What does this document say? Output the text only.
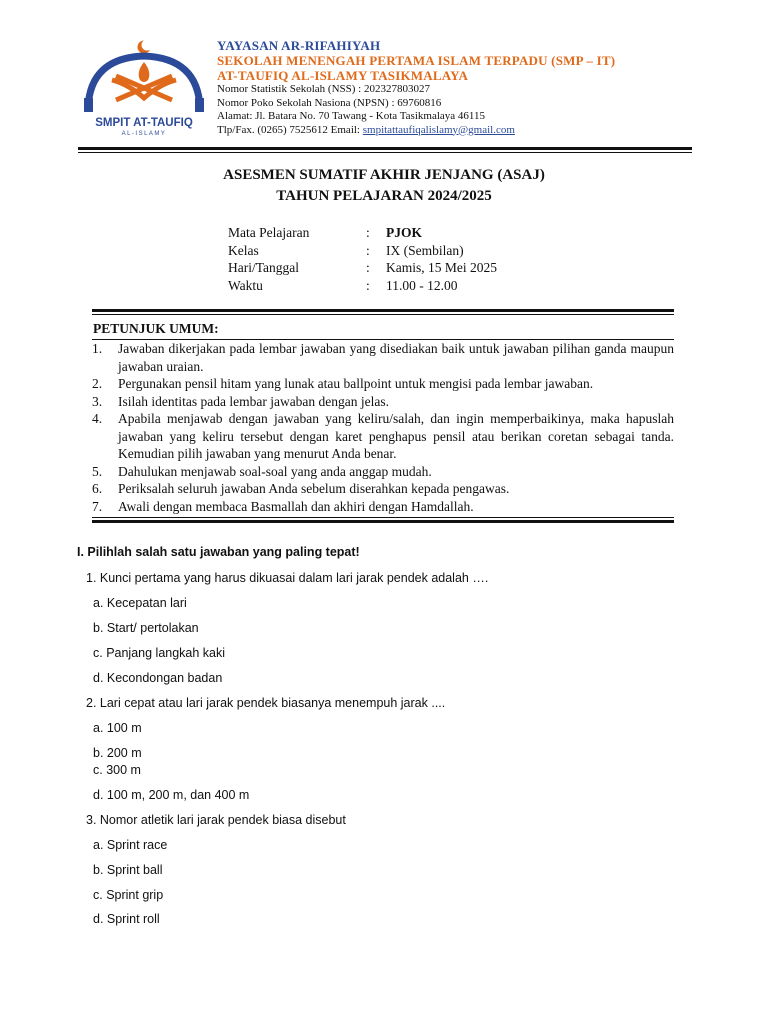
SMPIT AT-TAUFIQ
AL-ISLAMY
YAYASAN AR-RIFAHIYAH
SEKOLAH MENENGAH PERTAMA ISLAM TERPADU (SMP – IT)
AT-TAUFIQ AL-ISLAMY TASIKMALAYA
Nomor Statistik Sekolah (NSS) : 202327803027
Nomor Poko Sekolah Nasiona (NPSN) : 69760816
Alamat: Jl. Batara No. 70 Tawang - Kota Tasikmalaya 46115
Tlp/Fax. (0265) 7525612 Email: smpitattaufiqalislamy@gmail.com
ASESMEN SUMATIF AKHIR JENJANG (ASAJ)
TAHUN PELAJARAN 2024/2025
Mata Pelajaran	:	PJOK
Kelas	:	IX (Sembilan)
Hari/Tanggal	:	Kamis, 15 Mei 2025
Waktu	:	11.00 - 12.00
PETUNJUK UMUM:
1.	Jawaban dikerjakan pada lembar jawaban yang disediakan baik untuk jawaban pilihan ganda maupun jawaban uraian.
2.	Pergunakan pensil hitam yang lunak atau ballpoint untuk mengisi pada lembar jawaban.
3.	Isilah identitas pada lembar jawaban dengan jelas.
4.	Apabila menjawab dengan jawaban yang keliru/salah, dan ingin memperbaikinya, maka hapuslah jawaban yang keliru tersebut dengan karet penghapus pensil atau berikan coretan sebagai tanda. Kemudian pilih jawaban yang menurut Anda benar.
5.	Dahulukan menjawab soal-soal yang anda anggap mudah.
6.	Periksalah seluruh jawaban Anda sebelum diserahkan kepada pengawas.
7.	Awali dengan membaca Basmallah dan akhiri dengan Hamdallah.
I. Pilihlah salah satu jawaban yang paling tepat!
1. Kunci pertama yang harus dikuasai dalam lari jarak pendek adalah ….
a. Kecepatan lari
b. Start/ pertolakan
c. Panjang langkah kaki
d. Kecondongan badan
2. Lari cepat atau lari jarak pendek biasanya menempuh jarak ....
a. 100 m
b. 200 m
c. 300 m
d. 100 m, 200 m, dan 400 m
3. Nomor atletik lari jarak pendek biasa disebut
a. Sprint race
b. Sprint ball
c. Sprint grip
d. Sprint roll
